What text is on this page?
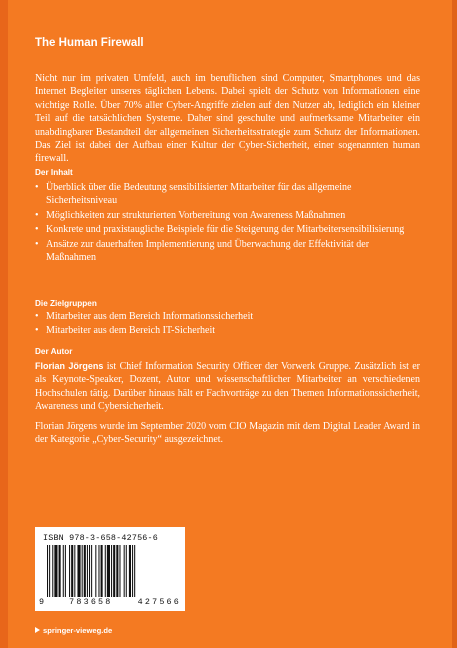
The Human Firewall
Nicht nur im privaten Umfeld, auch im beruflichen sind Computer, Smartphones und das Internet Begleiter unseres täglichen Lebens. Dabei spielt der Schutz von Informationen eine wichtige Rolle. Über 70% aller Cyber-Angriffe zielen auf den Nutzer ab, lediglich ein kleiner Teil auf die tatsächlichen Systeme. Daher sind geschulte und aufmerksame Mitarbeiter ein unabdingbarer Bestandteil der allgemeinen Sicherheitsstrategie zum Schutz der Informationen. Das Ziel ist dabei der Aufbau einer Kultur der Cyber-Sicherheit, einer sogenannten human firewall.
Der Inhalt
• Überblick über die Bedeutung sensibilisierter Mitarbeiter für das allgemeine Sicherheitsniveau
• Möglichkeiten zur strukturierten Vorbereitung von Awareness Maßnahmen
• Konkrete und praxistaugliche Beispiele für die Steigerung der Mitarbeitersensibilisierung
• Ansätze zur dauerhaften Implementierung und Überwachung der Effektivität der Maßnahmen
Die Zielgruppen
• Mitarbeiter aus dem Bereich Informationssicherheit
• Mitarbeiter aus dem Bereich IT-Sicherheit
Der Autor
Florian Jörgens ist Chief Information Security Officer der Vorwerk Gruppe. Zusätzlich ist er als Keynote-Speaker, Dozent, Autor und wissenschaftlicher Mitarbeiter an verschiedenen Hochschulen tätig. Darüber hinaus hält er Fachvorträge zu den Themen Informationssicherheit, Awareness und Cybersicherheit.
Florian Jörgens wurde im September 2020 vom CIO Magazin mit dem Digital Leader Award in der Kategorie „Cyber-Security“ ausgezeichnet.
ISBN 978-3-658-42756-6
9	783658	427566
springer-vieweg.de
